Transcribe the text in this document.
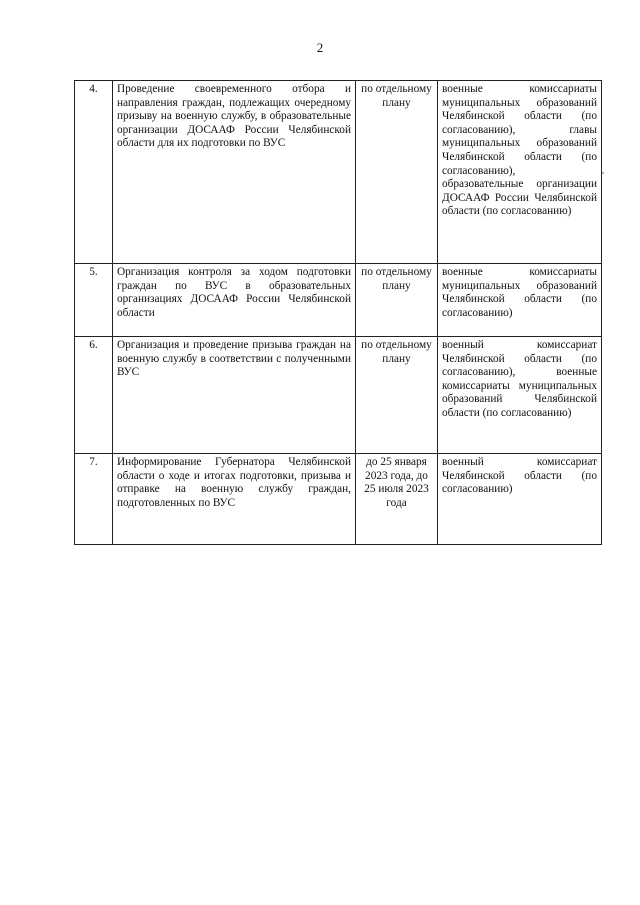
2
4.	Проведение своевременного отбора и направления граждан, подлежащих очередному призыву на военную службу, в образовательные организации ДОСААФ России Челябинской области для их подготовки по ВУС	по отдельному плану	военные комиссариаты муниципальных образований Челябинской области (по согласованию), главы муниципальных образований Челябинской области (по согласованию), образовательные организации ДОСААФ России Челябинской области (по согласованию)
5.	Организация контроля за ходом подготовки граждан по ВУС в образовательных организациях ДОСААФ России Челябинской области	по отдельному плану	военные комиссариаты муниципальных образований Челябинской области (по согласованию)
6.	Организация и проведение призыва граждан на военную службу в соответствии с полученными ВУС	по отдельному плану	военный комиссариат Челябинской области (по согласованию), военные комиссариаты муниципальных образований Челябинской области (по согласованию)
7.	Информирование Губернатора Челябинской области о ходе и итогах подготовки, призыва и отправке на военную службу граждан, подготовленных по ВУС	до 25 января 2023 года, до 25 июля 2023 года	военный комиссариат Челябинской области (по согласованию)
